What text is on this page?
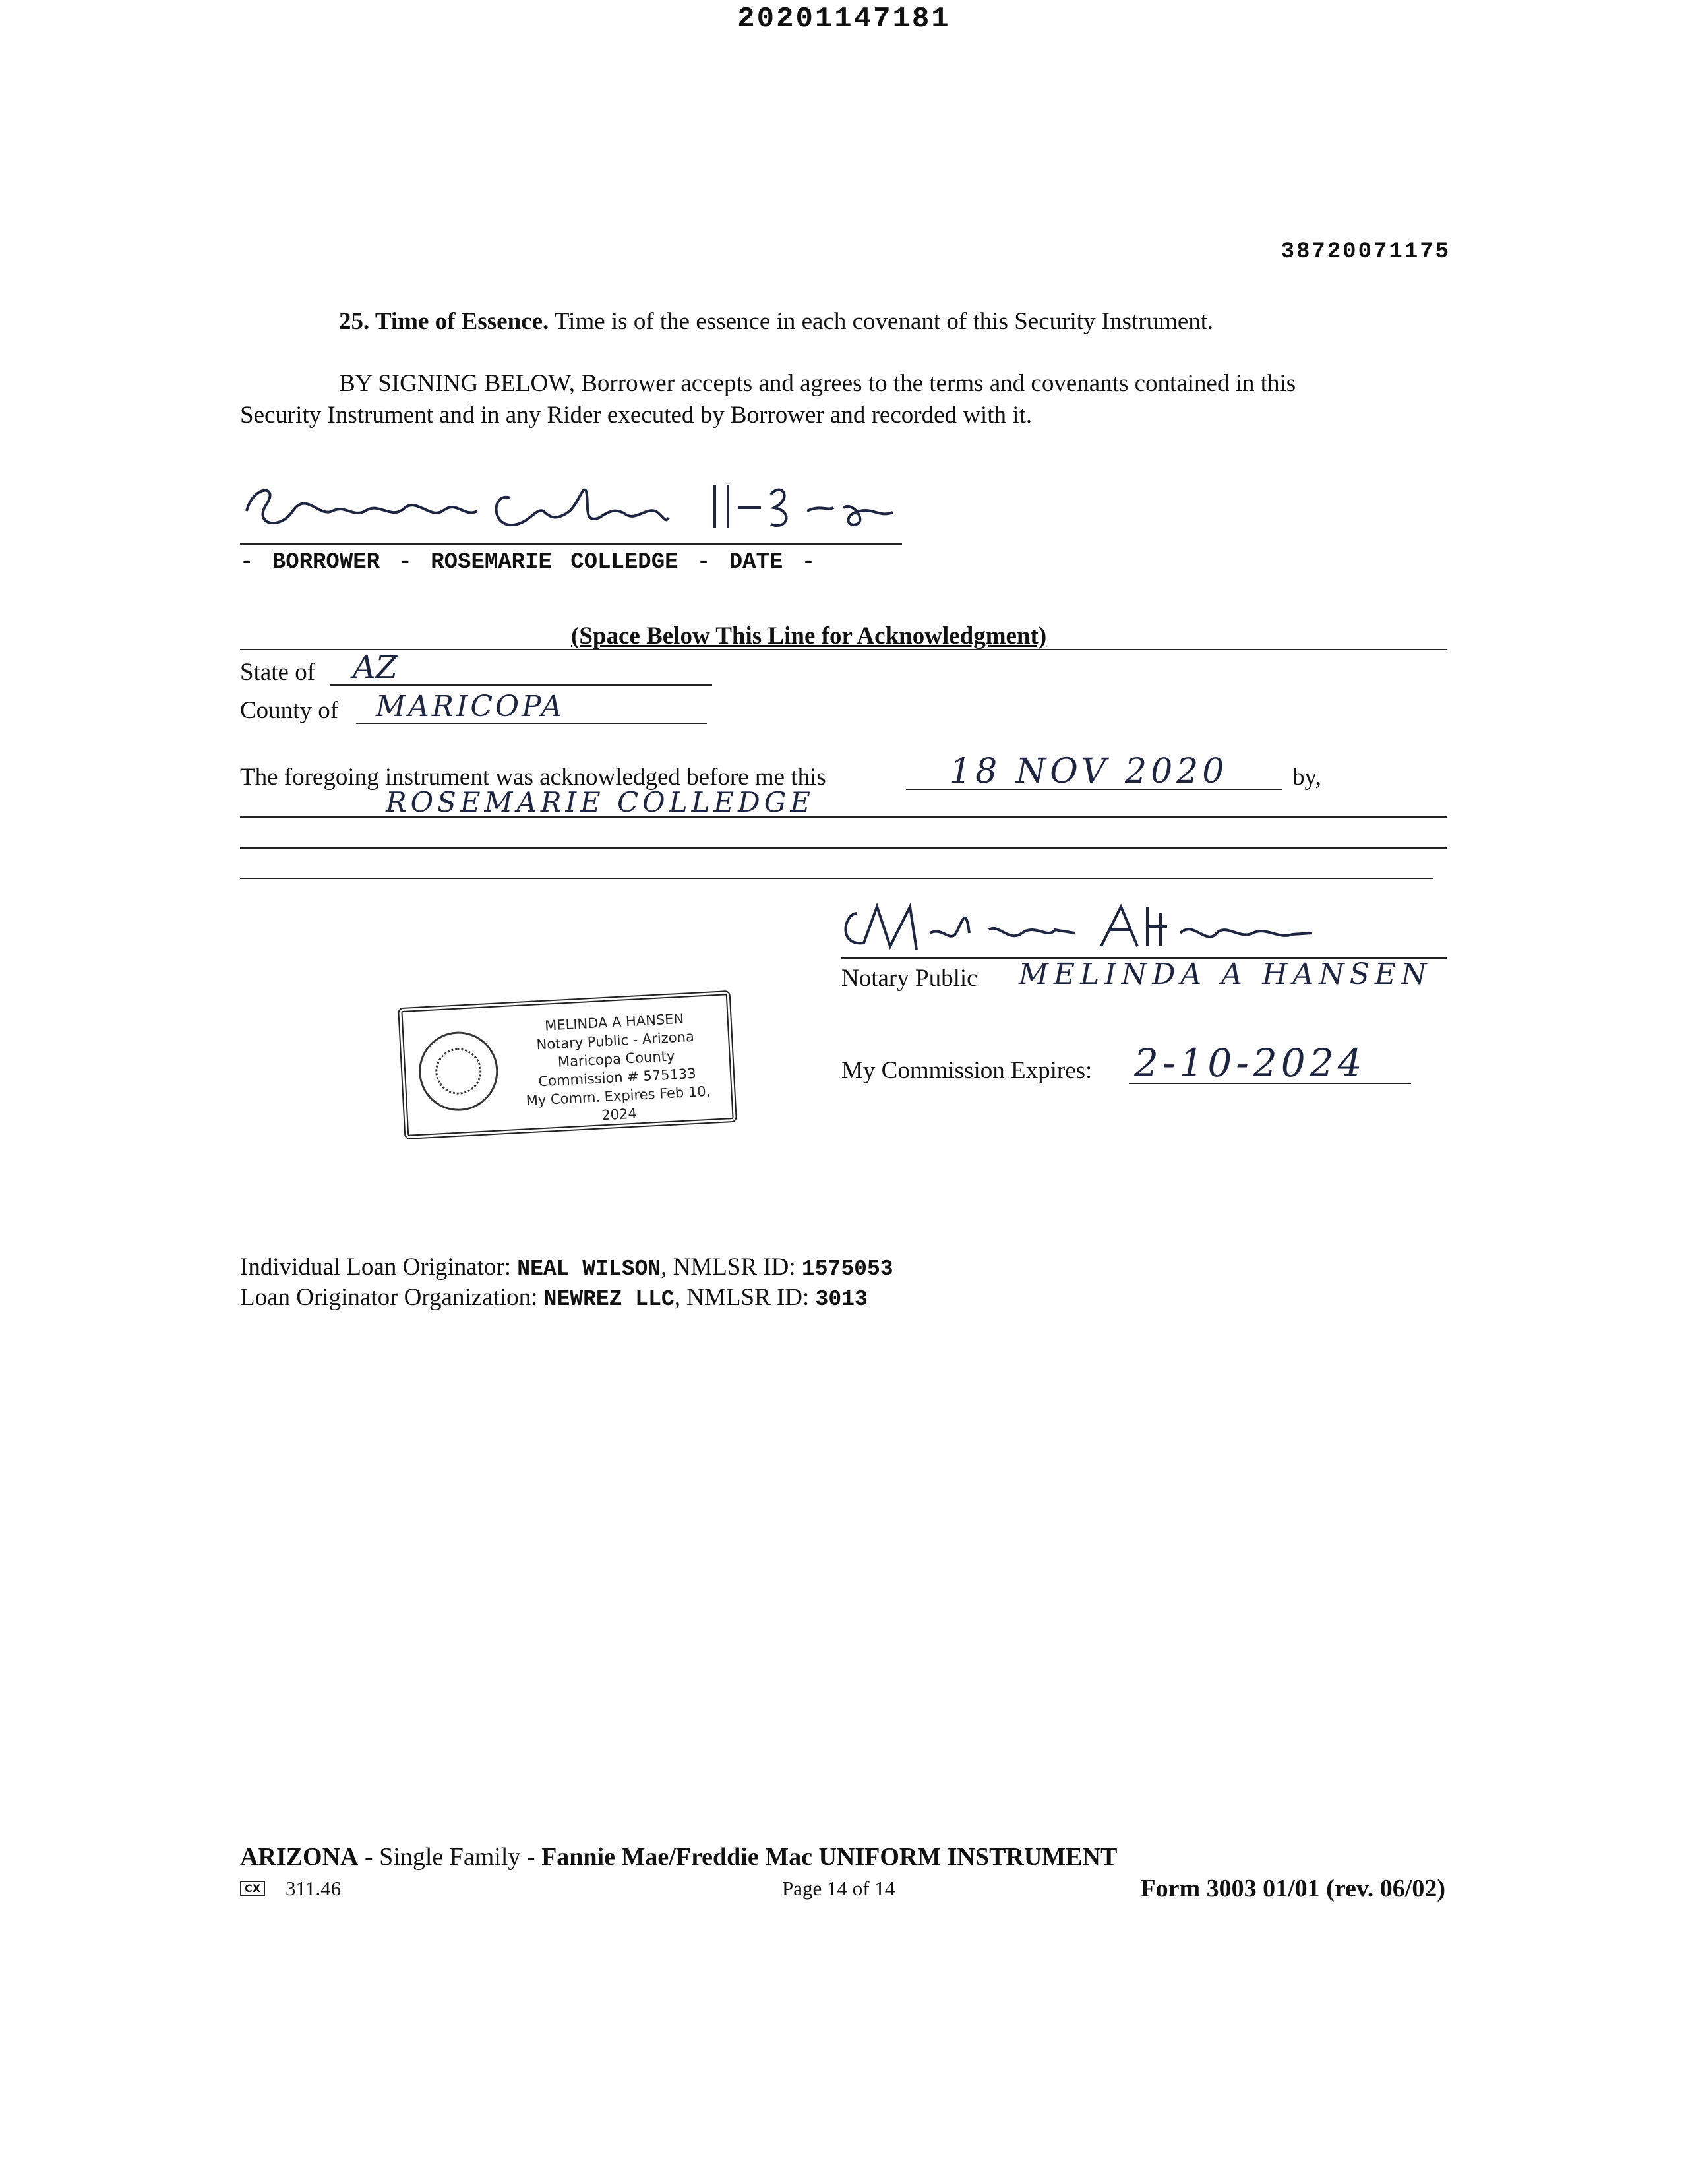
20201147181
38720071175
25. Time of Essence. Time is of the essence in each covenant of this Security Instrument.
BY SIGNING BELOW, Borrower accepts and agrees to the terms and covenants contained in this
Security Instrument and in any Rider executed by Borrower and recorded with it.
- BORROWER - ROSEMARIE COLLEDGE - DATE -
(Space Below This Line for Acknowledgment)
State of AZ
County of MARICOPA
The foregoing instrument was acknowledged before me this	18 NOV 2020	by,
ROSEMARIE COLLEDGE
Notary Public MELINDA A HANSEN
MELINDA A HANSEN
Notary Public - Arizona
Maricopa County
Commission # 575133
My Comm. Expires Feb 10, 2024
My Commission Expires: 2-10-2024
Individual Loan Originator: NEAL WILSON, NMLSR ID: 1575053
Loan Originator Organization: NEWREZ LLC, NMLSR ID: 3013
ARIZONA - Single Family - Fannie Mae/Freddie Mac UNIFORM INSTRUMENT
CX 311.46	Page 14 of 14	Form 3003 01/01 (rev. 06/02)
